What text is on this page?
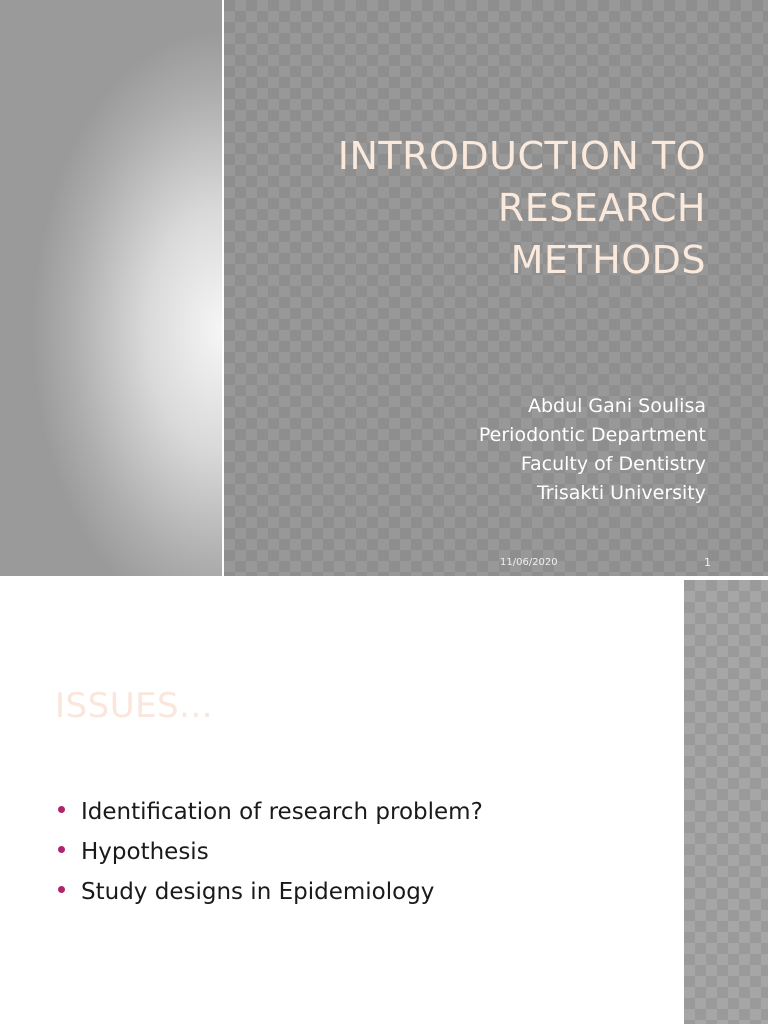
INTRODUCTION TO
RESEARCH
METHODS
Abdul Gani Soulisa
Periodontic Department
Faculty of Dentistry
Trisakti University
11/06/2020	1
ISSUES...
Identification of research problem?
Hypothesis
Study designs in Epidemiology
